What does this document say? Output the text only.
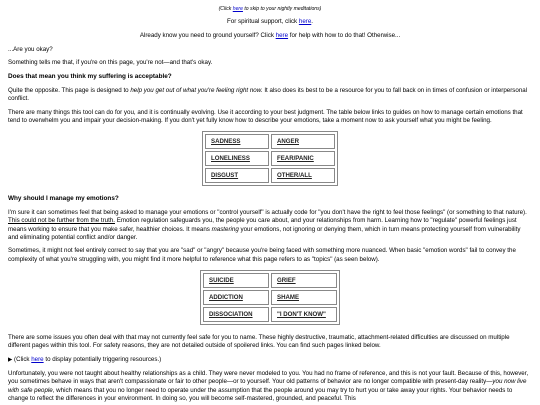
(Click here to skip to your nightly meditations)

For spiritual support, click here.

Already know you need to ground yourself? Click here for help with how to do that! Otherwise...

...Are you okay?

Something tells me that, if you're on this page, you're not—and that's okay.

Does that mean you think my suffering is acceptable?

Quite the opposite. This page is designed to help you get out of what you're feeling right now. It also does its best to be a resource for you to fall back on in times of confusion or interpersonal conflict.

There are many things this tool can do for you, and it is continually evolving. Use it according to your best judgment. The table below links to guides on how to manage certain emotions that tend to overwhelm you and impair your decision-making. If you don't yet fully know how to describe your emotions, take a moment now to ask yourself what you might be feeling.

SADNESS	ANGER
LONELINESS	FEAR/PANIC
DISGUST	OTHER/ALL
Why should I manage my emotions?

I'm sure it can sometimes feel that being asked to manage your emotions or "control yourself" is actually code for "you don't have the right to feel those feelings" (or something to that nature). This could not be further from the truth. Emotion regulation safeguards you, the people you care about, and your relationships from harm. Learning how to "regulate" powerful feelings just means working to ensure that you make safer, healthier choices. It means mastering your emotions, not ignoring or denying them, which in turn means protecting yourself from vulnerability and eliminating potential conflict and/or danger.

Sometimes, it might not feel entirely correct to say that you are "sad" or "angry" because you're being faced with something more nuanced. When basic "emotion words" fail to convey the complexity of what you're struggling with, you might find it more helpful to reference what this page refers to as "topics" (as seen below).

SUICIDE	GRIEF
ADDICTION	SHAME
DISSOCIATION	"I DON'T KNOW"

There are some issues you often deal with that may not currently feel safe for you to name. These highly destructive, traumatic, attachment-related difficulties are discussed on multiple different pages within this tool. For safety reasons, they are not detailed outside of spoilered links. You can find such pages linked below.

▶ (Click here to display potentially triggering resources.)

Unfortunately, you were not taught about healthy relationships as a child. They were never modeled to you. You had no frame of reference, and this is not your fault. Because of this, however, you sometimes behave in ways that aren't compassionate or fair to other people—or to yourself. Your old patterns of behavior are no longer compatible with present-day reality—you now live with safe people, which means that you no longer need to operate under the assumption that the people around you may try to hurt you or take away your rights. Your behavior needs to change to reflect the differences in your environment. In doing so, you will become self-mastered, grounded, and peaceful. This
